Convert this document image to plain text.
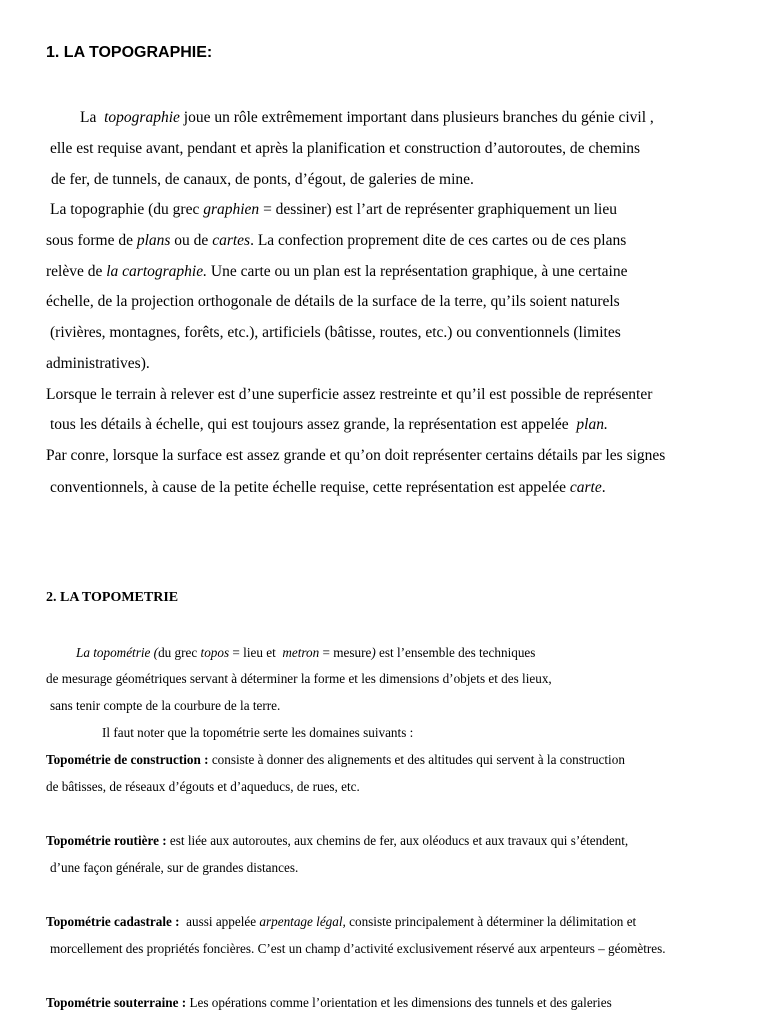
1. LA TOPOGRAPHIE:
La topographie joue un rôle extrêmement important dans plusieurs branches du génie civil ,
elle est requise avant, pendant et après la planification et construction d’autoroutes, de chemins
de fer, de tunnels, de canaux, de ponts, d’égout, de galeries de mine.
La topographie (du grec graphien = dessiner) est l’art de représenter graphiquement un lieu
sous forme de plans ou de cartes. La confection proprement dite de ces cartes ou de ces plans
relève de la cartographie. Une carte ou un plan est la représentation graphique, à une certaine
échelle, de la projection orthogonale de détails de la surface de la terre, qu’ils soient naturels
(rivières, montagnes, forêts, etc.), artificiels (bâtisse, routes, etc.) ou conventionnels (limites
administratives).
Lorsque le terrain à relever est d’une superficie assez restreinte et qu’il est possible de représenter
tous les détails à échelle, qui est toujours assez grande, la représentation est appelée plan.
Par conre, lorsque la surface est assez grande et qu’on doit représenter certains détails par les signes
conventionnels, à cause de la petite échelle requise, cette représentation est appelée carte.
2. LA TOPOMETRIE
La topométrie (du grec topos = lieu et metron = mesure) est l’ensemble des techniques
de mesurage géométriques servant à déterminer la forme et les dimensions d’objets et des lieux,
sans tenir compte de la courbure de la terre.
Il faut noter que la topométrie serte les domaines suivants :
Topométrie de construction : consiste à donner des alignements et des altitudes qui servent à la construction
de bâtisses, de réseaux d’égouts et d’aqueducs, de rues, etc.
Topométrie routière : est liée aux autoroutes, aux chemins de fer, aux oléoducs et aux travaux qui s’étendent,
d’une façon générale, sur de grandes distances.
Topométrie cadastrale : aussi appelée arpentage légal, consiste principalement à déterminer la délimitation et
morcellement des propriétés foncières. C’est un champ d’activité exclusivement réservé aux arpenteurs – géomètres.
Topométrie souterraine : Les opérations comme l’orientation et les dimensions des tunnels et des galeries
